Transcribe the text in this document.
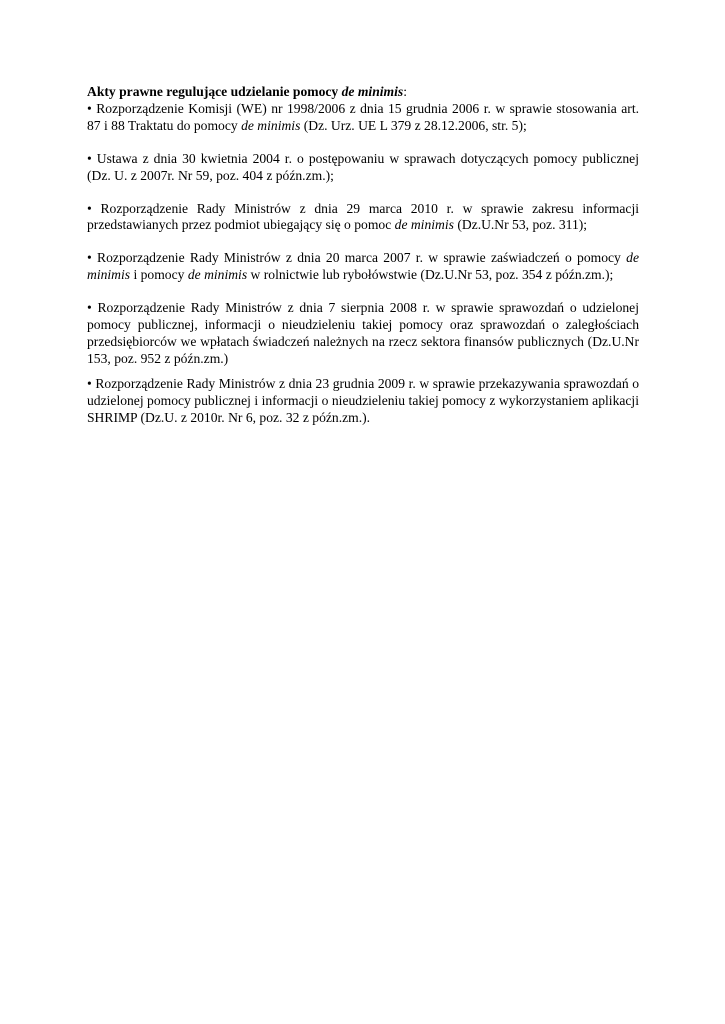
Akty prawne regulujące udzielanie pomocy de minimis:

• Rozporządzenie Komisji (WE) nr 1998/2006 z dnia 15 grudnia 2006 r. w sprawie stosowania art. 87 i 88 Traktatu do pomocy de minimis (Dz. Urz. UE L 379 z 28.12.2006, str. 5);

• Ustawa z dnia 30 kwietnia 2004 r. o postępowaniu w sprawach dotyczących pomocy publicznej (Dz. U. z 2007r. Nr 59, poz. 404 z późn.zm.);

• Rozporządzenie Rady Ministrów z dnia 29 marca 2010 r. w sprawie zakresu informacji przedstawianych przez podmiot ubiegający się o pomoc de minimis (Dz.U.Nr 53, poz. 311);

• Rozporządzenie Rady Ministrów z dnia 20 marca 2007 r. w sprawie zaświadczeń o pomocy de minimis i pomocy de minimis w rolnictwie lub rybołówstwie (Dz.U.Nr 53, poz. 354 z późn.zm.);

• Rozporządzenie Rady Ministrów z dnia 7 sierpnia 2008 r. w sprawie sprawozdań o udzielonej pomocy publicznej, informacji o nieudzieleniu takiej pomocy oraz sprawozdań o zaległościach przedsiębiorców we wpłatach świadczeń należnych na rzecz sektora finansów publicznych (Dz.U.Nr 153, poz. 952 z późn.zm.)

• Rozporządzenie Rady Ministrów z dnia 23 grudnia 2009 r. w sprawie przekazywania sprawozdań o udzielonej pomocy publicznej i informacji o nieudzieleniu takiej pomocy z wykorzystaniem aplikacji SHRIMP (Dz.U. z 2010r. Nr 6, poz. 32 z późn.zm.).
